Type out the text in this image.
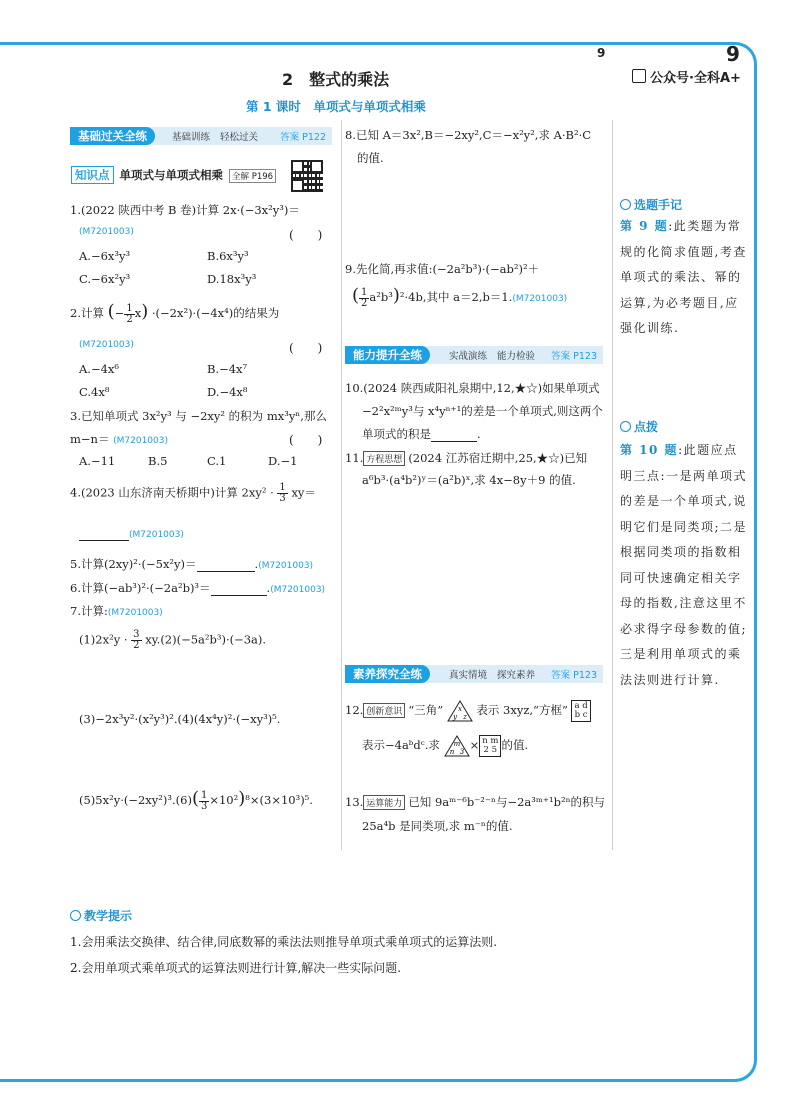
9	9
公众号·全科A+
2　整式的乘法
第 1 课时　单项式与单项式相乘
基础过关全练	基础训练 轻松过关 答案 P122
知识点 单项式与单项式相乘 全解 P196
1.(2022 陕西中考 B 卷)计算 2x·(−3x²y³)＝
(M7201003)	(　　)
A.−6x³y³	B.6x³y³
C.−6x²y³	D.18x³y³
2.计算 (− $\frac{1}{2} x) \cdot(-2x^2)\cdot(-4x^4)$的结果为
(M7201003)	(　　)
A.−4x⁶	B.−4x⁷
C.4x⁸	D.−4x⁸
3.已知单项式 3x²y³ 与 −2xy² 的积为 mx³yⁿ,那么
m−n＝ (M7201003)	(　　)
A.−11	B.5	C.1	D.−1
4.(2023 山东济南天桥期中)计算 $2xy^2 \cdot \frac{1}{3} xy=$
(M7201003)
5.计算(2xy)²·(−5x²y)＝	.(M7201003)
6.计算(−ab³)²·(−2a²b)³＝	.(M7201003)
7.计算:(M7201003)
$(1)2x^2y \cdot \frac{3}{2} xy.(2)(-5a^2b^3)\cdot(-3a)$.
(3)−2x³y²·(x²y³)².(4)(4x⁴y)²·(−xy³)⁵.
$(5)5x^2y\cdot(-2xy^2)^3.(6)( \frac{1}{3} \times 10^2)^8\times(3\times 10^3)^5$.
8.已知 A＝3x²,B＝−2xy²,C＝−x²y²,求 A·B²·C
的值.
9.先化简,再求值:(−2a²b³)·(−ab²)²＋
( $\frac{1}{2} a^2b^3)^2\cdot 4b$,其中 a＝2,b＝1.(M7201003)
能力提升全练	实战演练 能力检验 答案 P123
10.(2024 陕西咸阳礼泉期中,12,★☆)如果单项式
−2²x²ᵐy³与 x⁴yⁿ⁺¹的差是一个单项式,则这两个
单项式的积是	.
11. 方程思想 (2024 江苏宿迁期中,25,★☆)已知
a⁶b³·(a⁴b²)ʸ＝(a²b)ˣ,求 4x−8y＋9 的值.
素养探究全练	真实情境 探究素养 答案 P123
12. 创新意识 “三角” x
y z 表示 3xyz,“方框” a d
b c
表示−4aᵇdᶜ.求 m
n 3 × n m
2 5 的值.
13. 运算能力 已知 9aᵐ⁻⁶b⁻²⁻ⁿ与−2a³ᵐ⁺¹b²ⁿ的积与
25a⁴b 是同类项,求 m⁻ⁿ的值.
选题手记
第 9 题:此类题为常规的化简求值题,考查单项式的乘法、幂的运算,为必考题目,应强化训练.
点拨
第 10 题:此题应点明三点:一是两单项式的差是一个单项式,说明它们是同类项;二是根据同类项的指数相同可快速确定相关字母的指数,注意这里不必求得字母参数的值;三是利用单项式的乘法法则进行计算.
教学提示
1.会用乘法交换律、结合律,同底数幂的乘法法则推导单项式乘单项式的运算法则.
2.会用单项式乘单项式的运算法则进行计算,解决一些实际问题.
